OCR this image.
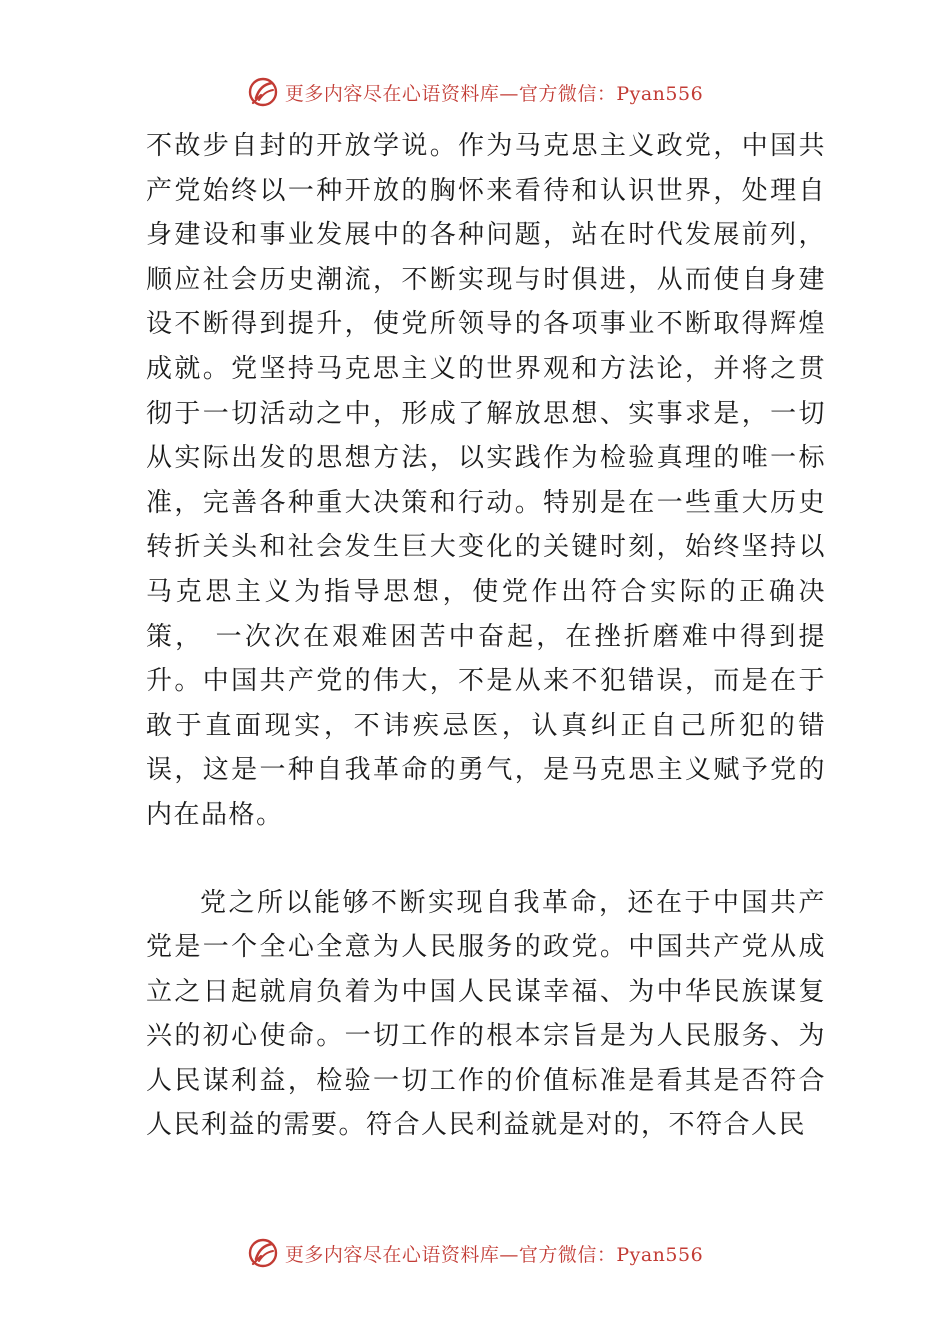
更多内容尽在心语资料库—官方微信：Pyan556

不故步自封的开放学说。作为马克思主义政党，中国共产党始终以一种开放的胸怀来看待和认识世界，处理自身建设和事业发展中的各种问题，站在时代发展前列， 顺应社会历史潮流，不断实现与时俱进，从而使自身建设不断得到提升，使党所领导的各项事业不断取得辉煌成就。党坚持马克思主义的世界观和方法论，并将之贯彻于一切活动之中，形成了解放思想、实事求是，一切从实际出发的思想方法，以实践作为检验真理的唯一标准，完善各种重大决策和行动。特别是在一些重大历史转折关头和社会发生巨大变化的关键时刻，始终坚持以马克思主义为指导思想，使党作出符合实际的正确决策， 一次次在艰难困苦中奋起，在挫折磨难中得到提升。中国共产党的伟大，不是从来不犯错误，而是在于敢于直面现实，不讳疾忌医，认真纠正自己所犯的错误，这是一种自我革命的勇气，是马克思主义赋予党的内在品格。

党之所以能够不断实现自我革命，还在于中国共产党是一个全心全意为人民服务的政党。中国共产党从成立之日起就肩负着为中国人民谋幸福、为中华民族谋复兴的初心使命。一切工作的根本宗旨是为人民服务、为人民谋利益，检验一切工作的价值标准是看其是否符合人民利益的需要。符合人民利益就是对的，不符合人民

更多内容尽在心语资料库—官方微信：Pyan556
